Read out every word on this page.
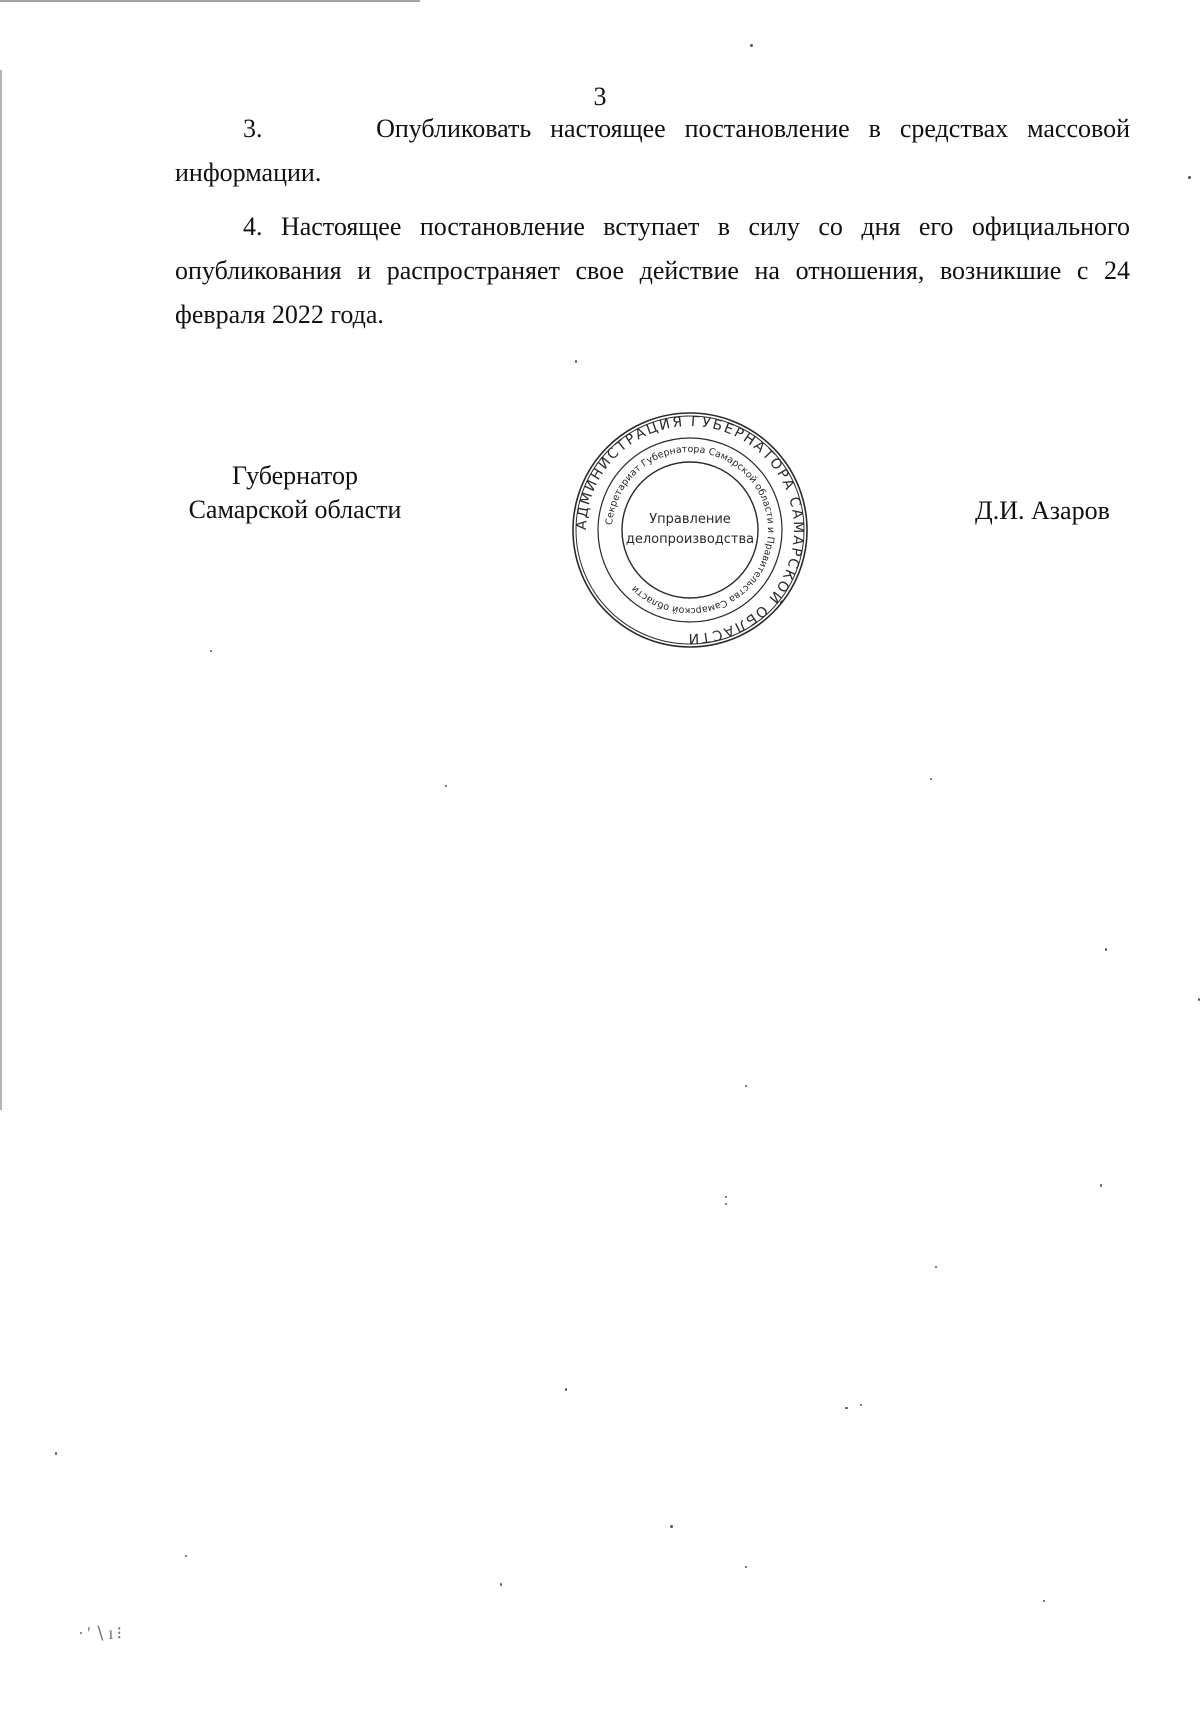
3
3.	Опубликовать настоящее постановление в средствах массовой информации.
4. Настоящее постановление вступает в силу со дня его официального опубликования и распространяет свое действие на отношения, возникшие с 24 февраля 2022 года.
Губернатор
Самарской области	Д.И. Азаров
АДМИНИСТРАЦИЯ ГУБЕРНАТОРА САМАРСКОЙ ОБЛАСТИ
Секретариат Губернатора Самарской области и Правительства Самарской области
Управление
делопроизводства
·ʹ∖ı⁝
